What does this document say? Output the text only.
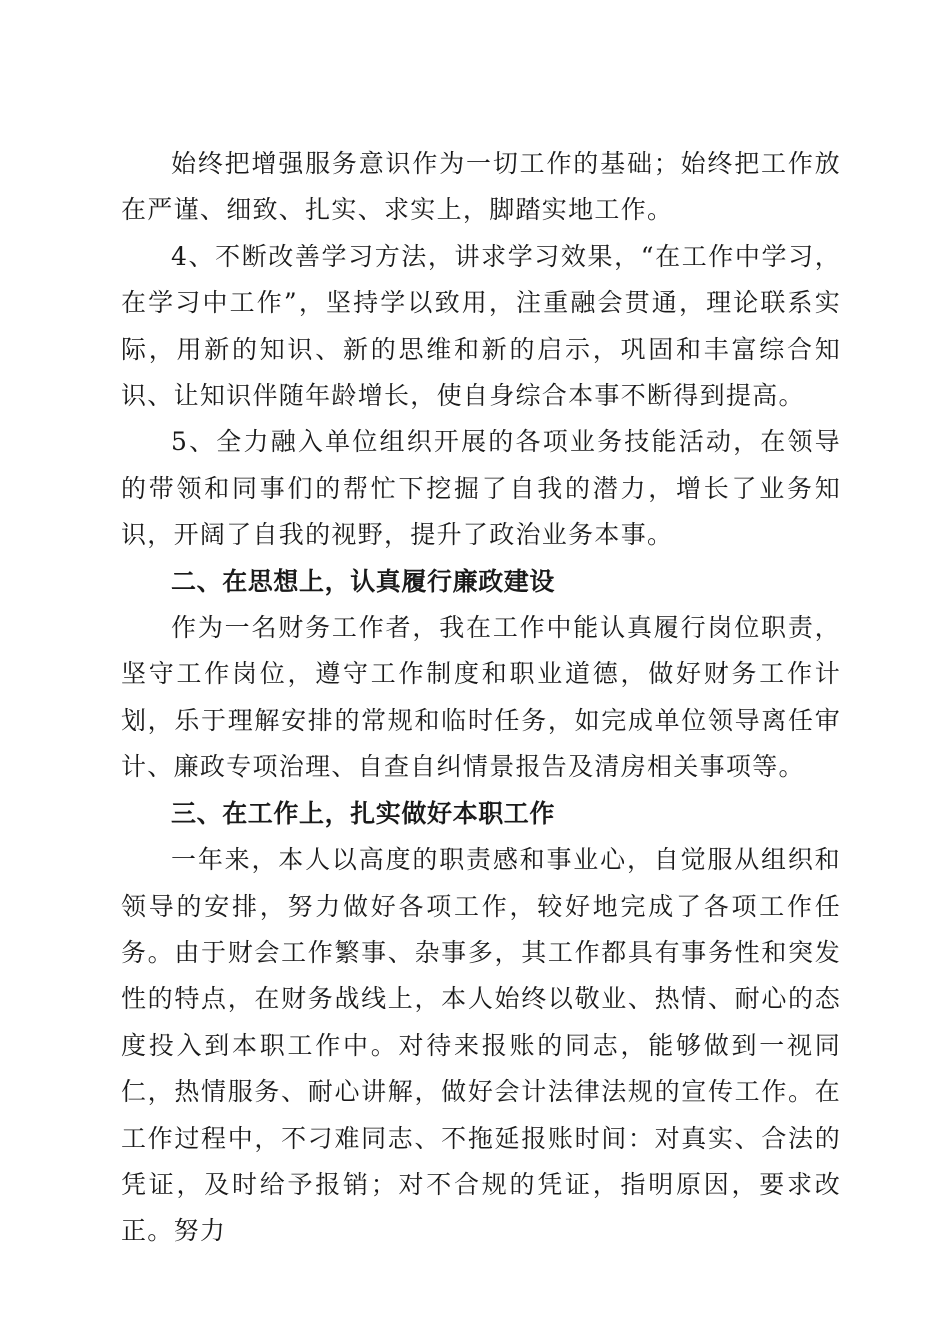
始终把增强服务意识作为一切工作的基础；始终把工作放在严谨、细致、扎实、求实上，脚踏实地工作。

4、不断改善学习方法，讲求学习效果，“在工作中学习，在学习中工作”，坚持学以致用，注重融会贯通，理论联系实际，用新的知识、新的思维和新的启示，巩固和丰富综合知识、让知识伴随年龄增长，使自身综合本事不断得到提高。

5、全力融入单位组织开展的各项业务技能活动，在领导的带领和同事们的帮忙下挖掘了自我的潜力，增长了业务知识，开阔了自我的视野，提升了政治业务本事。

二、在思想上，认真履行廉政建设

作为一名财务工作者，我在工作中能认真履行岗位职责，坚守工作岗位，遵守工作制度和职业道德，做好财务工作计划，乐于理解安排的常规和临时任务，如完成单位领导离任审计、廉政专项治理、自查自纠情景报告及清房相关事项等。

三、在工作上，扎实做好本职工作

一年来，本人以高度的职责感和事业心，自觉服从组织和领导的安排，努力做好各项工作，较好地完成了各项工作任务。由于财会工作繁事、杂事多，其工作都具有事务性和突发性的特点，在财务战线上，本人始终以敬业、热情、耐心的态度投入到本职工作中。对待来报账的同志，能够做到一视同仁，热情服务、耐心讲解，做好会计法律法规的宣传工作。在工作过程中，不刁难同志、不拖延报账时间：对真实、合法的凭证，及时给予报销；对不合规的凭证，指明原因，要求改正。努力
